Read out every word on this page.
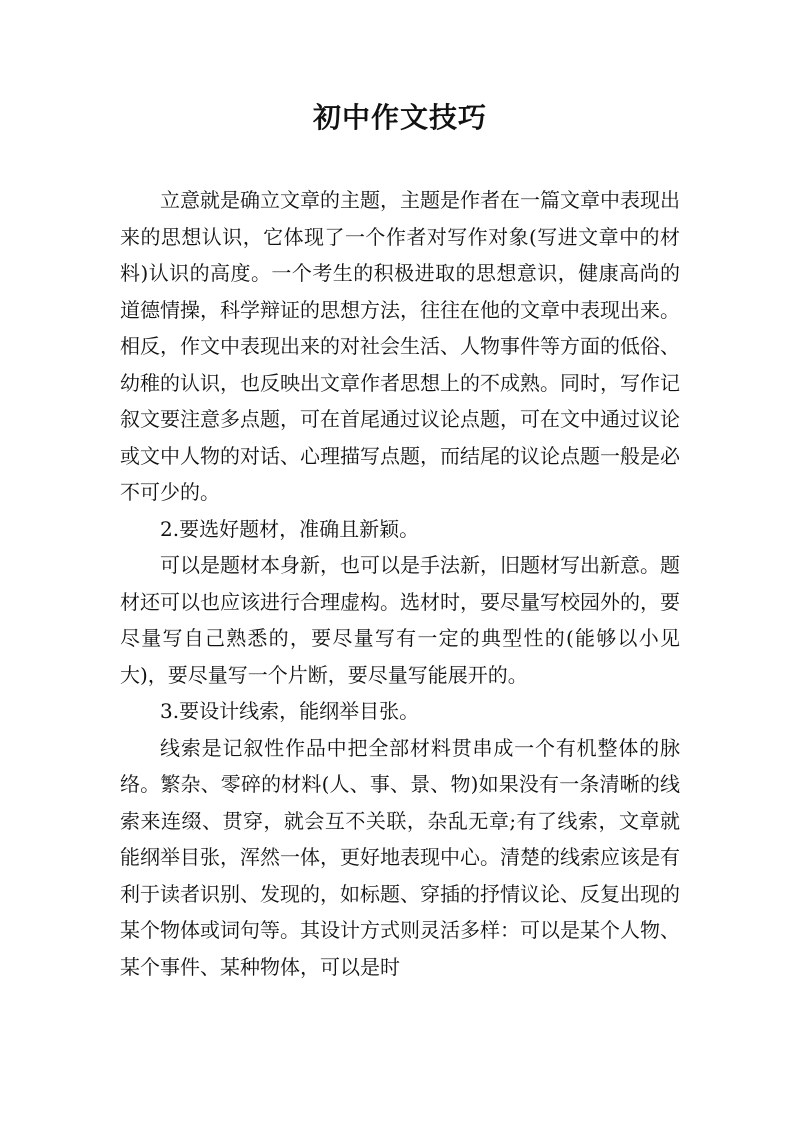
初中作文技巧

立意就是确立文章的主题，主题是作者在一篇文章中表现出来的思想认识，它体现了一个作者对写作对象(写进文章中的材料)认识的高度。一个考生的积极进取的思想意识，健康高尚的道德情操，科学辩证的思想方法，往往在他的文章中表现出来。相反，作文中表现出来的对社会生活、人物事件等方面的低俗、幼稚的认识，也反映出文章作者思想上的不成熟。同时，写作记叙文要注意多点题，可在首尾通过议论点题，可在文中通过议论或文中人物的对话、心理描写点题，而结尾的议论点题一般是必不可少的。

2.要选好题材，准确且新颖。

可以是题材本身新，也可以是手法新，旧题材写出新意。题材还可以也应该进行合理虚构。选材时，要尽量写校园外的，要尽量写自己熟悉的，要尽量写有一定的典型性的(能够以小见大)，要尽量写一个片断，要尽量写能展开的。

3.要设计线索，能纲举目张。

线索是记叙性作品中把全部材料贯串成一个有机整体的脉络。繁杂、零碎的材料(人、事、景、物)如果没有一条清晰的线索来连缀、贯穿，就会互不关联，杂乱无章;有了线索，文章就能纲举目张，浑然一体，更好地表现中心。清楚的线索应该是有利于读者识别、发现的，如标题、穿插的抒情议论、反复出现的某个物体或词句等。其设计方式则灵活多样：可以是某个人物、某个事件、某种物体，可以是时
